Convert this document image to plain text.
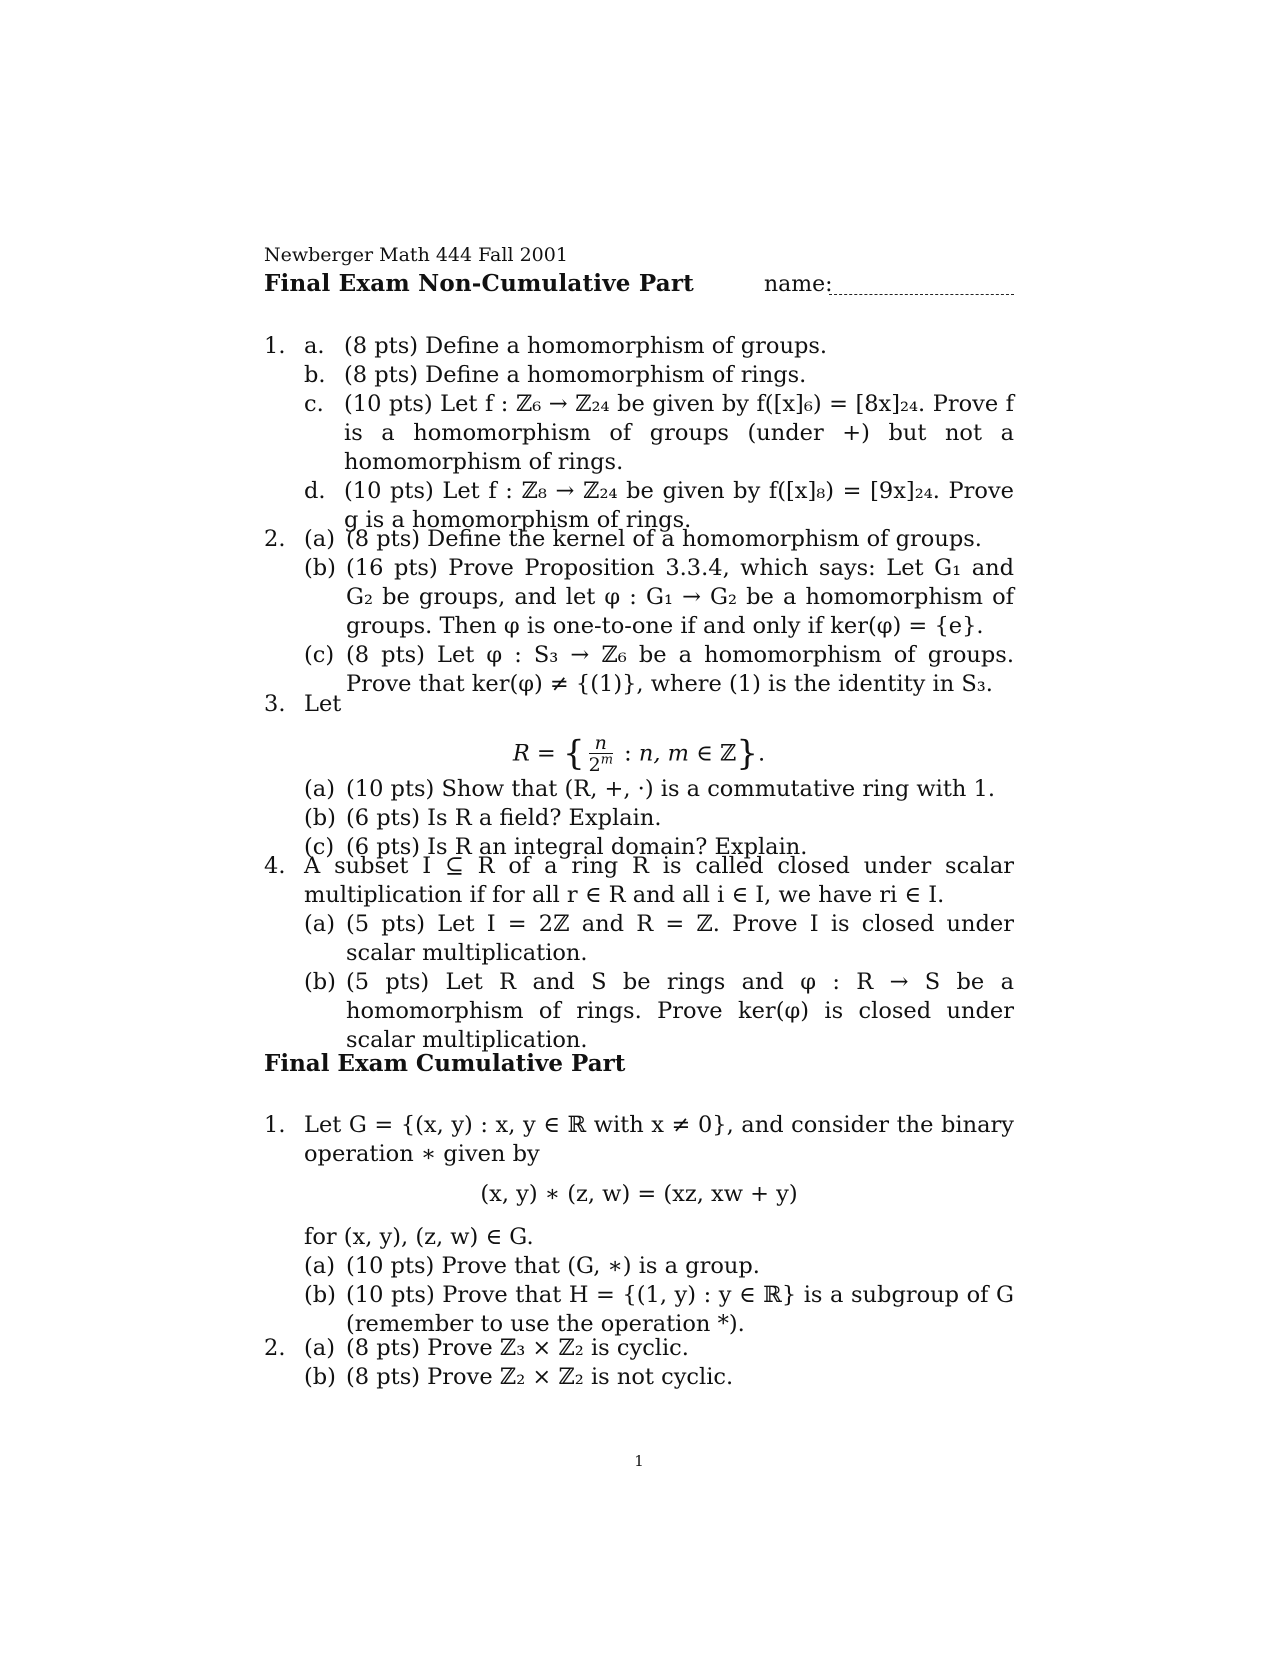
Newberger Math 444 Fall 2001
Final Exam Non-Cumulative Part	name:
1. a. (8 pts) Define a homomorphism of groups.
b. (8 pts) Define a homomorphism of rings.
c. (10 pts) Let f : ℤ₆ → ℤ₂₄ be given by f([x]₆) = [8x]₂₄. Prove f is a homomorphism of groups (under +) but not a homomorphism of rings.
d. (10 pts) Let f : ℤ₈ → ℤ₂₄ be given by f([x]₈) = [9x]₂₄. Prove g is a homomorphism of rings.
2. (a) (8 pts) Define the kernel of a homomorphism of groups.
(b) (16 pts) Prove Proposition 3.3.4, which says: Let G₁ and G₂ be groups, and let φ : G₁ → G₂ be a homomorphism of groups. Then φ is one-to-one if and only if ker(φ) = {e}.
(c) (8 pts) Let φ : S₃ → ℤ₆ be a homomorphism of groups. Prove that ker(φ) ≠ {(1)}, where (1) is the identity in S₃.
3. Let
R = { $\frac{n}{2^m}$ : n, m ∈ ℤ}.
(a) (10 pts) Show that (R, +, ·) is a commutative ring with 1.
(b) (6 pts) Is R a field? Explain.
(c) (6 pts) Is R an integral domain? Explain.
4. A subset I ⊆ R of a ring R is called closed under scalar multiplication if for all r ∈ R and all i ∈ I, we have ri ∈ I.
(a) (5 pts) Let I = 2ℤ and R = ℤ. Prove I is closed under scalar multiplication.
(b) (5 pts) Let R and S be rings and φ : R → S be a homomorphism of rings. Prove ker(φ) is closed under scalar multiplication.
Final Exam Cumulative Part
1. Let G = {(x, y) : x, y ∈ ℝ with x ≠ 0}, and consider the binary operation ∗ given by
(x, y) ∗ (z, w) = (xz, xw + y)
for (x, y), (z, w) ∈ G.
(a) (10 pts) Prove that (G, ∗) is a group.
(b) (10 pts) Prove that H = {(1, y) : y ∈ ℝ} is a subgroup of G (remember to use the operation *).
2. (a) (8 pts) Prove ℤ₃ × ℤ₂ is cyclic.
(b) (8 pts) Prove ℤ₂ × ℤ₂ is not cyclic.
1
